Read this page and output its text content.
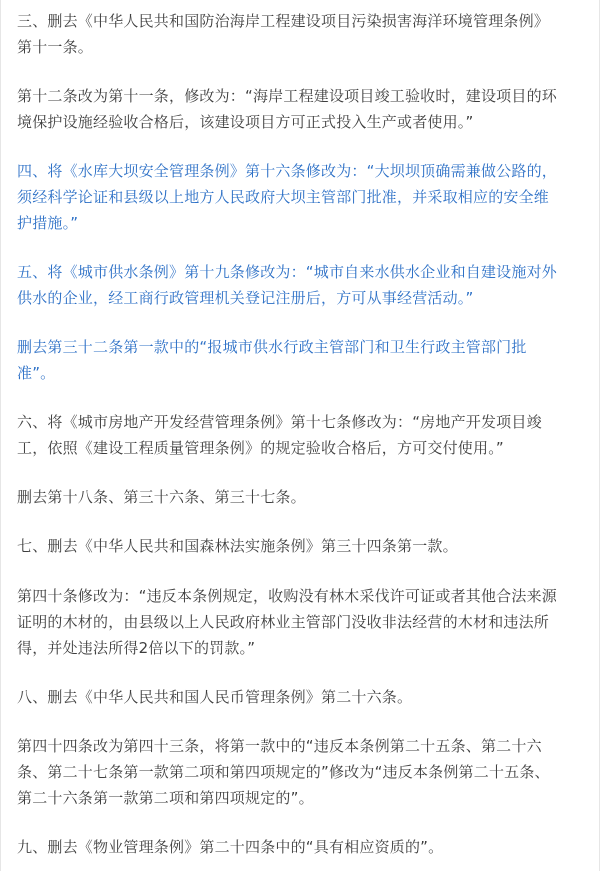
三、删去《中华人民共和国防治海岸工程建设项目污染损害海洋环境管理条例》
第十一条。

第十二条改为第十一条，修改为：“海岸工程建设项目竣工验收时，建设项目的环
境保护设施经验收合格后，该建设项目方可正式投入生产或者使用。”

四、将《水库大坝安全管理条例》第十六条修改为：“大坝坝顶确需兼做公路的，
须经科学论证和县级以上地方人民政府大坝主管部门批准，并采取相应的安全维
护措施。”

五、将《城市供水条例》第十九条修改为：“城市自来水供水企业和自建设施对外
供水的企业，经工商行政管理机关登记注册后，方可从事经营活动。”

删去第三十二条第一款中的“报城市供水行政主管部门和卫生行政主管部门批
准”。

六、将《城市房地产开发经营管理条例》第十七条修改为：“房地产开发项目竣
工，依照《建设工程质量管理条例》的规定验收合格后，方可交付使用。”

删去第十八条、第三十六条、第三十七条。

七、删去《中华人民共和国森林法实施条例》第三十四条第一款。

第四十条修改为：“违反本条例规定，收购没有林木采伐许可证或者其他合法来源
证明的木材的，由县级以上人民政府林业主管部门没收非法经营的木材和违法所
得，并处违法所得2倍以下的罚款。”

八、删去《中华人民共和国人民币管理条例》第二十六条。

第四十四条改为第四十三条，将第一款中的“违反本条例第二十五条、第二十六
条、第二十七条第一款第二项和第四项规定的”修改为“违反本条例第二十五条、
第二十六条第一款第二项和第四项规定的”。

九、删去《物业管理条例》第二十四条中的“具有相应资质的”。
